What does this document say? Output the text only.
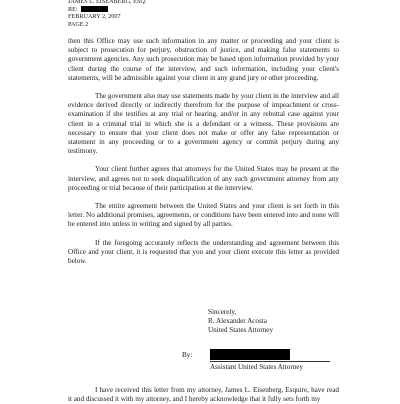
JAMES L. EISENBERG, ESQ.
RE:
FEBRUARY 2, 2007
PAGE 2

then this Office may use such information in any matter or proceeding and your client is subject to prosecution for perjury, obstruction of justice, and making false statements to government agencies. Any such prosecution may be based upon information provided by your client during the course of the interview, and such information, including your client's statements, will be admissible against your client in any grand jury or other proceeding.

The government also may use statements made by your client in the interview and all evidence derived directly or indirectly therefrom for the purpose of impeachment or cross-examination if she testifies at any trial or hearing, and/or in any rebuttal case against your client in a criminal trial in which she is a defendant or a witness. These provisions are necessary to ensure that your client does not make or offer any false representation or statement in any proceeding or to a government agency or commit perjury during any testimony.

Your client further agrees that attorneys for the United States may be present at the interview, and agrees not to seek disqualification of any such government attorney from any proceeding or trial because of their participation at the interview.

The entire agreement between the United States and your client is set forth in this letter. No additional promises, agreements, or conditions have been entered into and none will be entered into unless in writing and signed by all parties.

If the foregoing accurately reflects the understanding and agreement between this Office and your client, it is requested that you and your client execute this letter as provided below.

Sincerely,
R. Alexander Acosta
United States Attorney
By:
Assistant United States Attorney
I have received this letter from my attorney, James L. Eisenberg, Esquire, have read it and discussed it with my attorney, and I hereby acknowledge that it fully sets forth my
